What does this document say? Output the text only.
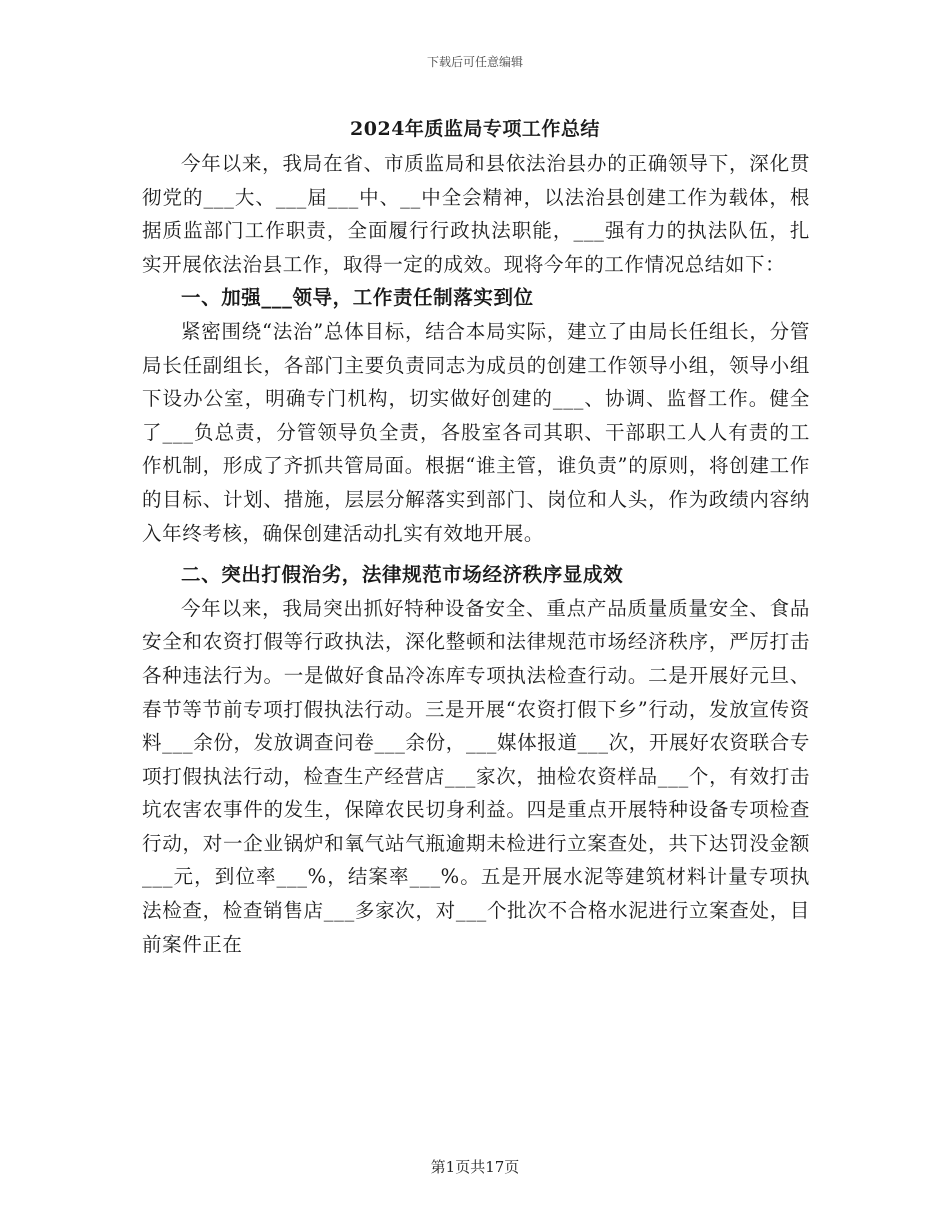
下载后可任意编辑
2024年质监局专项工作总结

今年以来，我局在省、市质监局和县依法治县办的正确领导下，深化贯彻党的___大、___届___中、__中全会精神，以法治县创建工作为载体，根据质监部门工作职责，全面履行行政执法职能，___强有力的执法队伍，扎实开展依法治县工作，取得一定的成效。现将今年的工作情况总结如下：

一、加强___领导，工作责任制落实到位

紧密围绕“法治”总体目标，结合本局实际，建立了由局长任组长，分管局长任副组长，各部门主要负责同志为成员的创建工作领导小组，领导小组下设办公室，明确专门机构，切实做好创建的___、协调、监督工作。健全了___负总责，分管领导负全责，各股室各司其职、干部职工人人有责的工作机制，形成了齐抓共管局面。根据“谁主管，谁负责”的原则，将创建工作的目标、计划、措施，层层分解落实到部门、岗位和人头，作为政绩内容纳入年终考核，确保创建活动扎实有效地开展。

二、突出打假治劣，法律规范市场经济秩序显成效

今年以来，我局突出抓好特种设备安全、重点产品质量质量安全、食品安全和农资打假等行政执法，深化整顿和法律规范市场经济秩序，严厉打击各种违法行为。一是做好食品冷冻库专项执法检查行动。二是开展好元旦、春节等节前专项打假执法行动。三是开展“农资打假下乡”行动，发放宣传资料___余份，发放调查问卷___余份，___媒体报道___次，开展好农资联合专项打假执法行动，检查生产经营店___家次，抽检农资样品___个，有效打击坑农害农事件的发生，保障农民切身利益。四是重点开展特种设备专项检查行动，对一企业锅炉和氧气站气瓶逾期未检进行立案查处，共下达罚没金额___元，到位率___%，结案率___%。五是开展水泥等建筑材料计量专项执法检查，检查销售店___多家次，对___个批次不合格水泥进行立案查处，目前案件正在

第1页共17页
